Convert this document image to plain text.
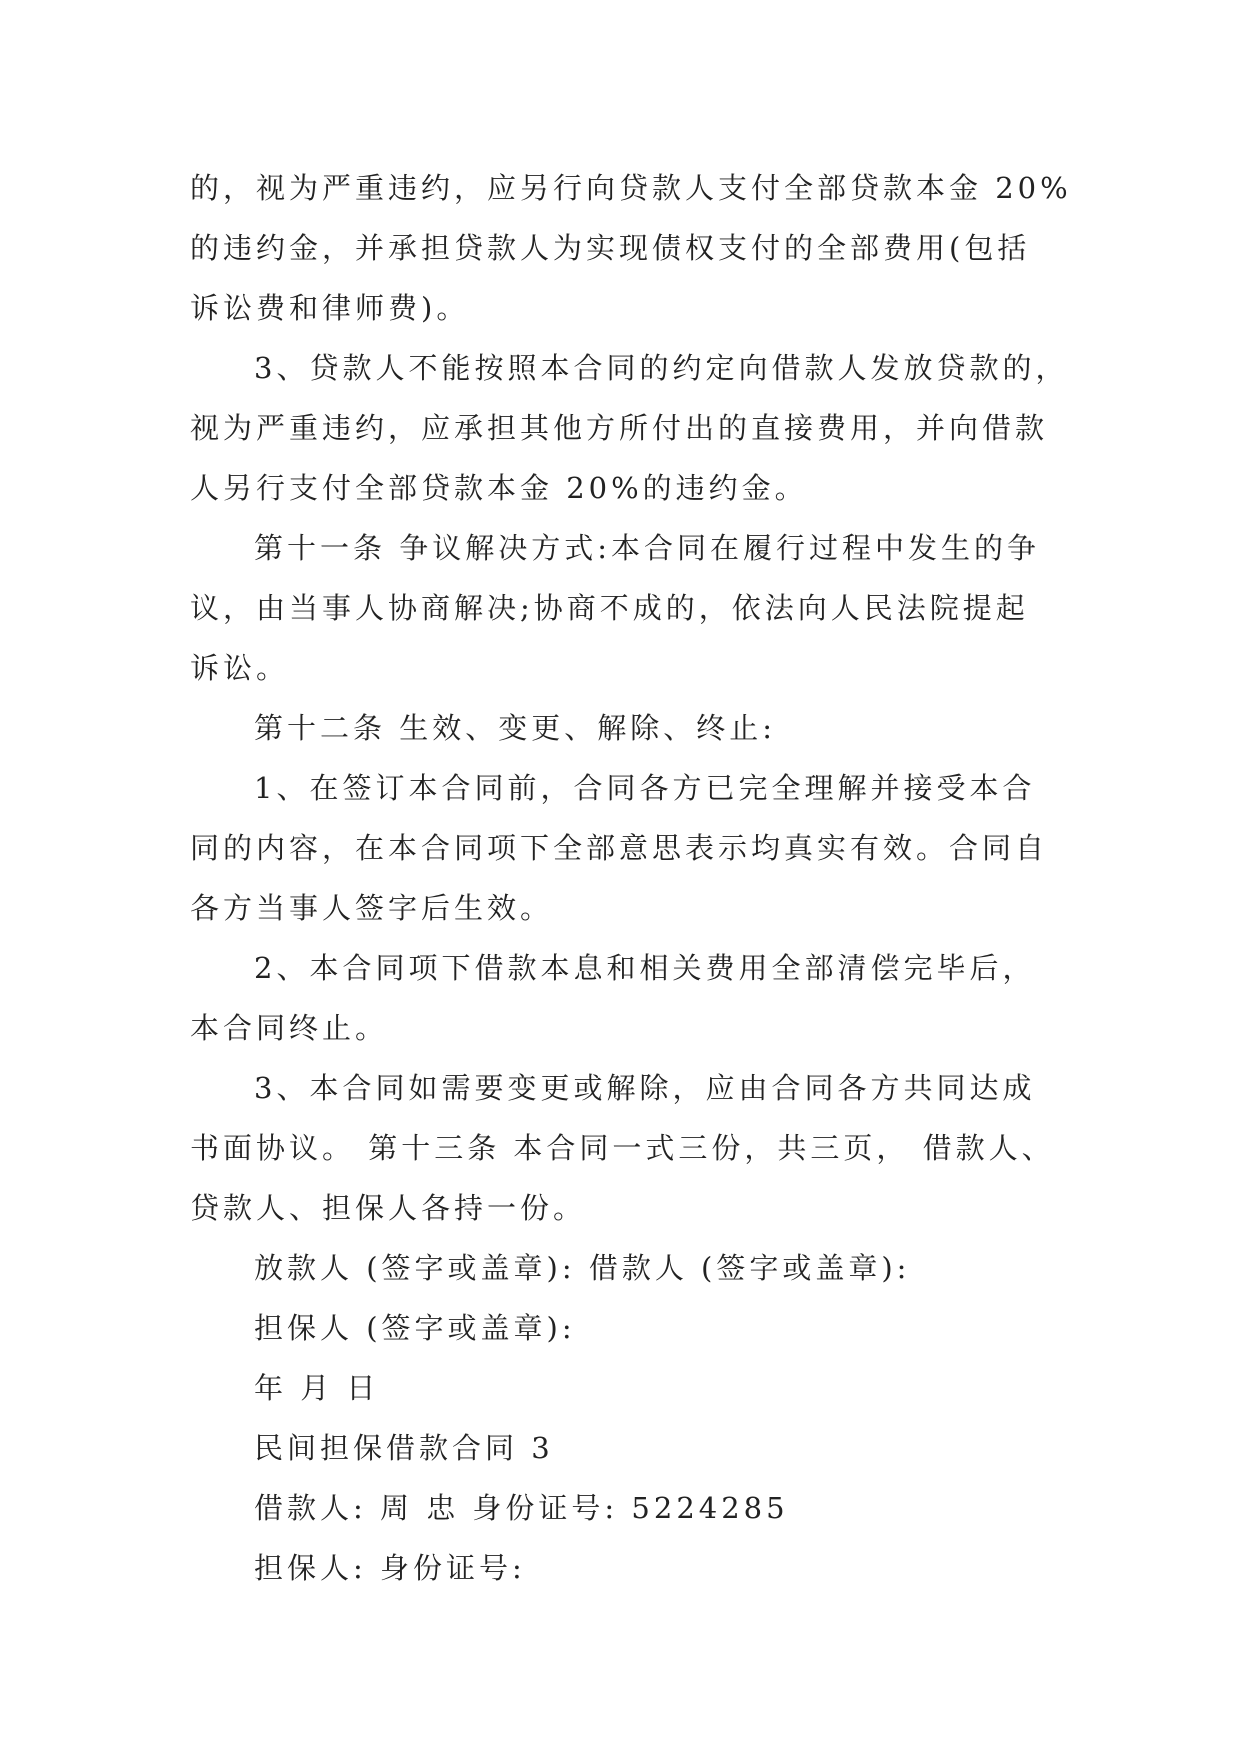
的，视为严重违约，应另行向贷款人支付全部贷款本金 20%
的违约金，并承担贷款人为实现债权支付的全部费用(包括
诉讼费和律师费)。
3、贷款人不能按照本合同的约定向借款人发放贷款的，
视为严重违约，应承担其他方所付出的直接费用，并向借款
人另行支付全部贷款本金 20%的违约金。
第十一条 争议解决方式:本合同在履行过程中发生的争
议，由当事人协商解决;协商不成的，依法向人民法院提起
诉讼。
第十二条 生效、变更、解除、终止:
1、在签订本合同前，合同各方已完全理解并接受本合
同的内容，在本合同项下全部意思表示均真实有效。合同自
各方当事人签字后生效。
2、本合同项下借款本息和相关费用全部清偿完毕后，
本合同终止。
3、本合同如需要变更或解除，应由合同各方共同达成
书面协议。 第十三条 本合同一式三份，共三页， 借款人、
贷款人、担保人各持一份。
放款人 (签字或盖章): 借款人 (签字或盖章):
担保人 (签字或盖章):
年 月 日
民间担保借款合同 3
借款人: 周 忠 身份证号: 5224285
担保人: 身份证号:
